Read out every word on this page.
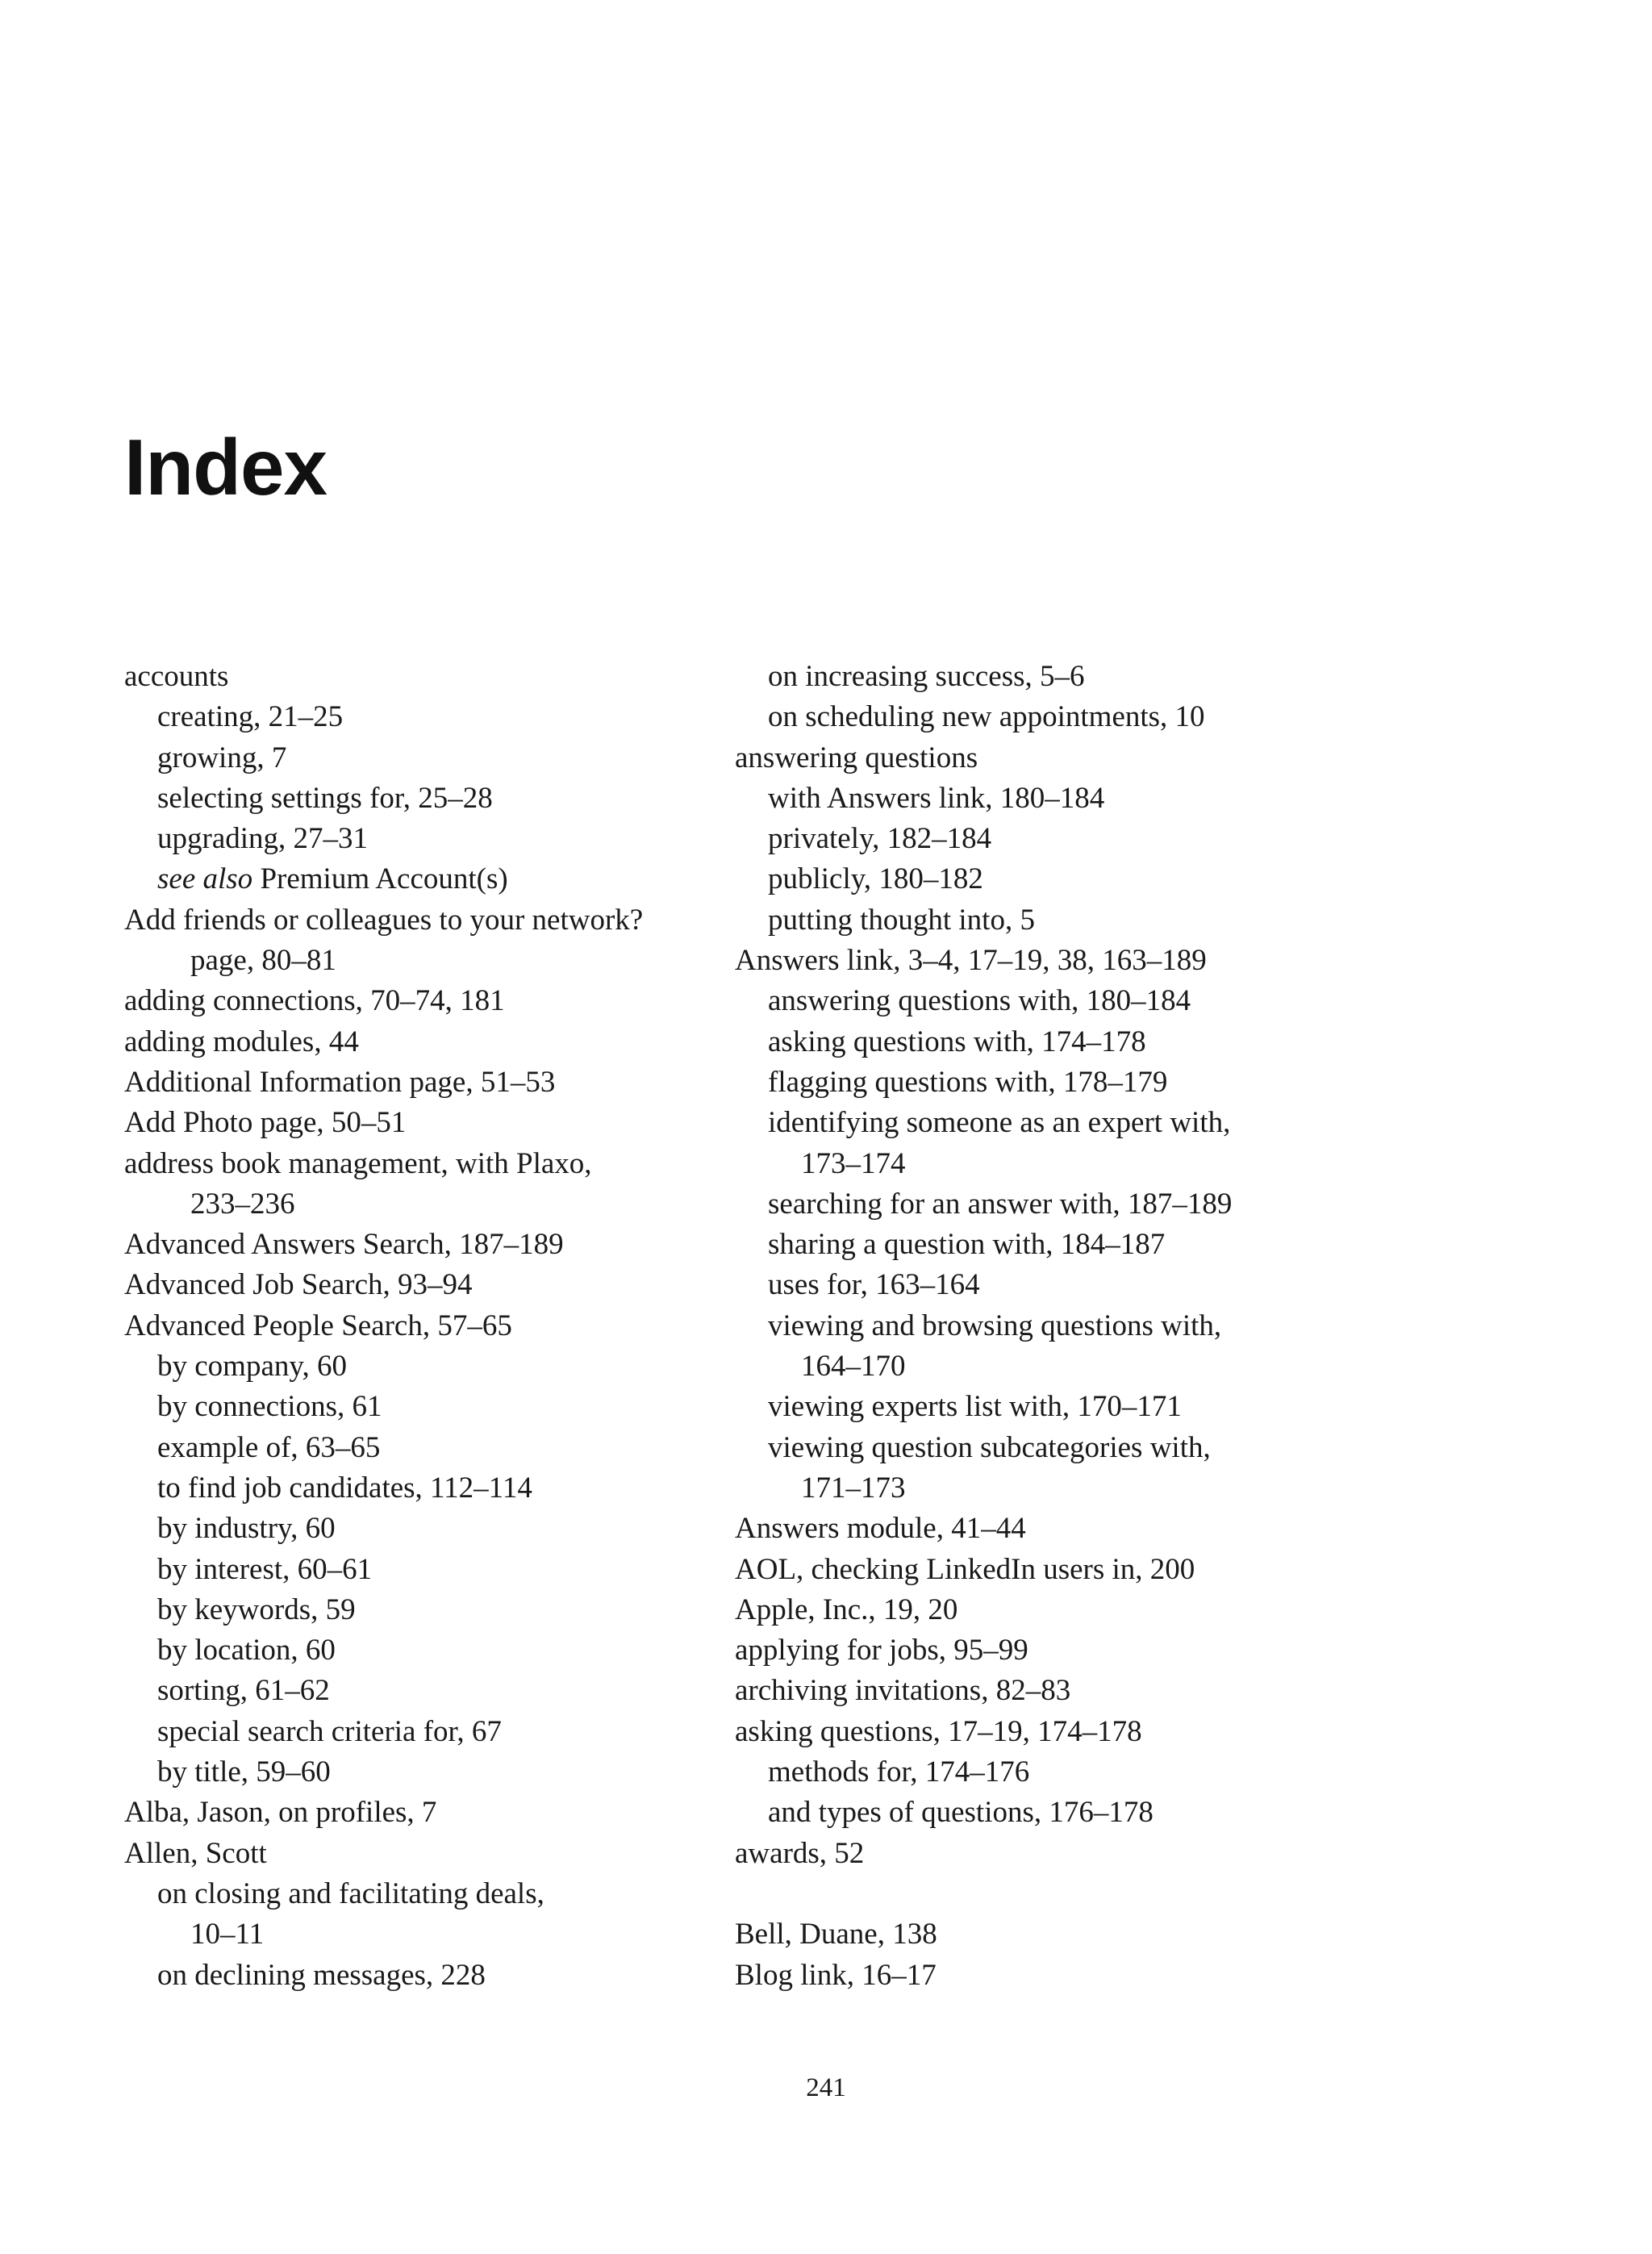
Index
accounts
creating, 21–25
growing, 7
selecting settings for, 25–28
upgrading, 27–31
see also Premium Account(s)
Add friends or colleagues to your network?
page, 80–81
adding connections, 70–74, 181
adding modules, 44
Additional Information page, 51–53
Add Photo page, 50–51
address book management, with Plaxo,
233–236
Advanced Answers Search, 187–189
Advanced Job Search, 93–94
Advanced People Search, 57–65
by company, 60
by connections, 61
example of, 63–65
to find job candidates, 112–114
by industry, 60
by interest, 60–61
by keywords, 59
by location, 60
sorting, 61–62
special search criteria for, 67
by title, 59–60
Alba, Jason, on profiles, 7
Allen, Scott
on closing and facilitating deals,
10–11
on declining messages, 228
on increasing success, 5–6
on scheduling new appointments, 10
answering questions
with Answers link, 180–184
privately, 182–184
publicly, 180–182
putting thought into, 5
Answers link, 3–4, 17–19, 38, 163–189
answering questions with, 180–184
asking questions with, 174–178
flagging questions with, 178–179
identifying someone as an expert with,
173–174
searching for an answer with, 187–189
sharing a question with, 184–187
uses for, 163–164
viewing and browsing questions with,
164–170
viewing experts list with, 170–171
viewing question subcategories with,
171–173
Answers module, 41–44
AOL, checking LinkedIn users in, 200
Apple, Inc., 19, 20
applying for jobs, 95–99
archiving invitations, 82–83
asking questions, 17–19, 174–178
methods for, 174–176
and types of questions, 176–178
awards, 52
Bell, Duane, 138
Blog link, 16–17
241
